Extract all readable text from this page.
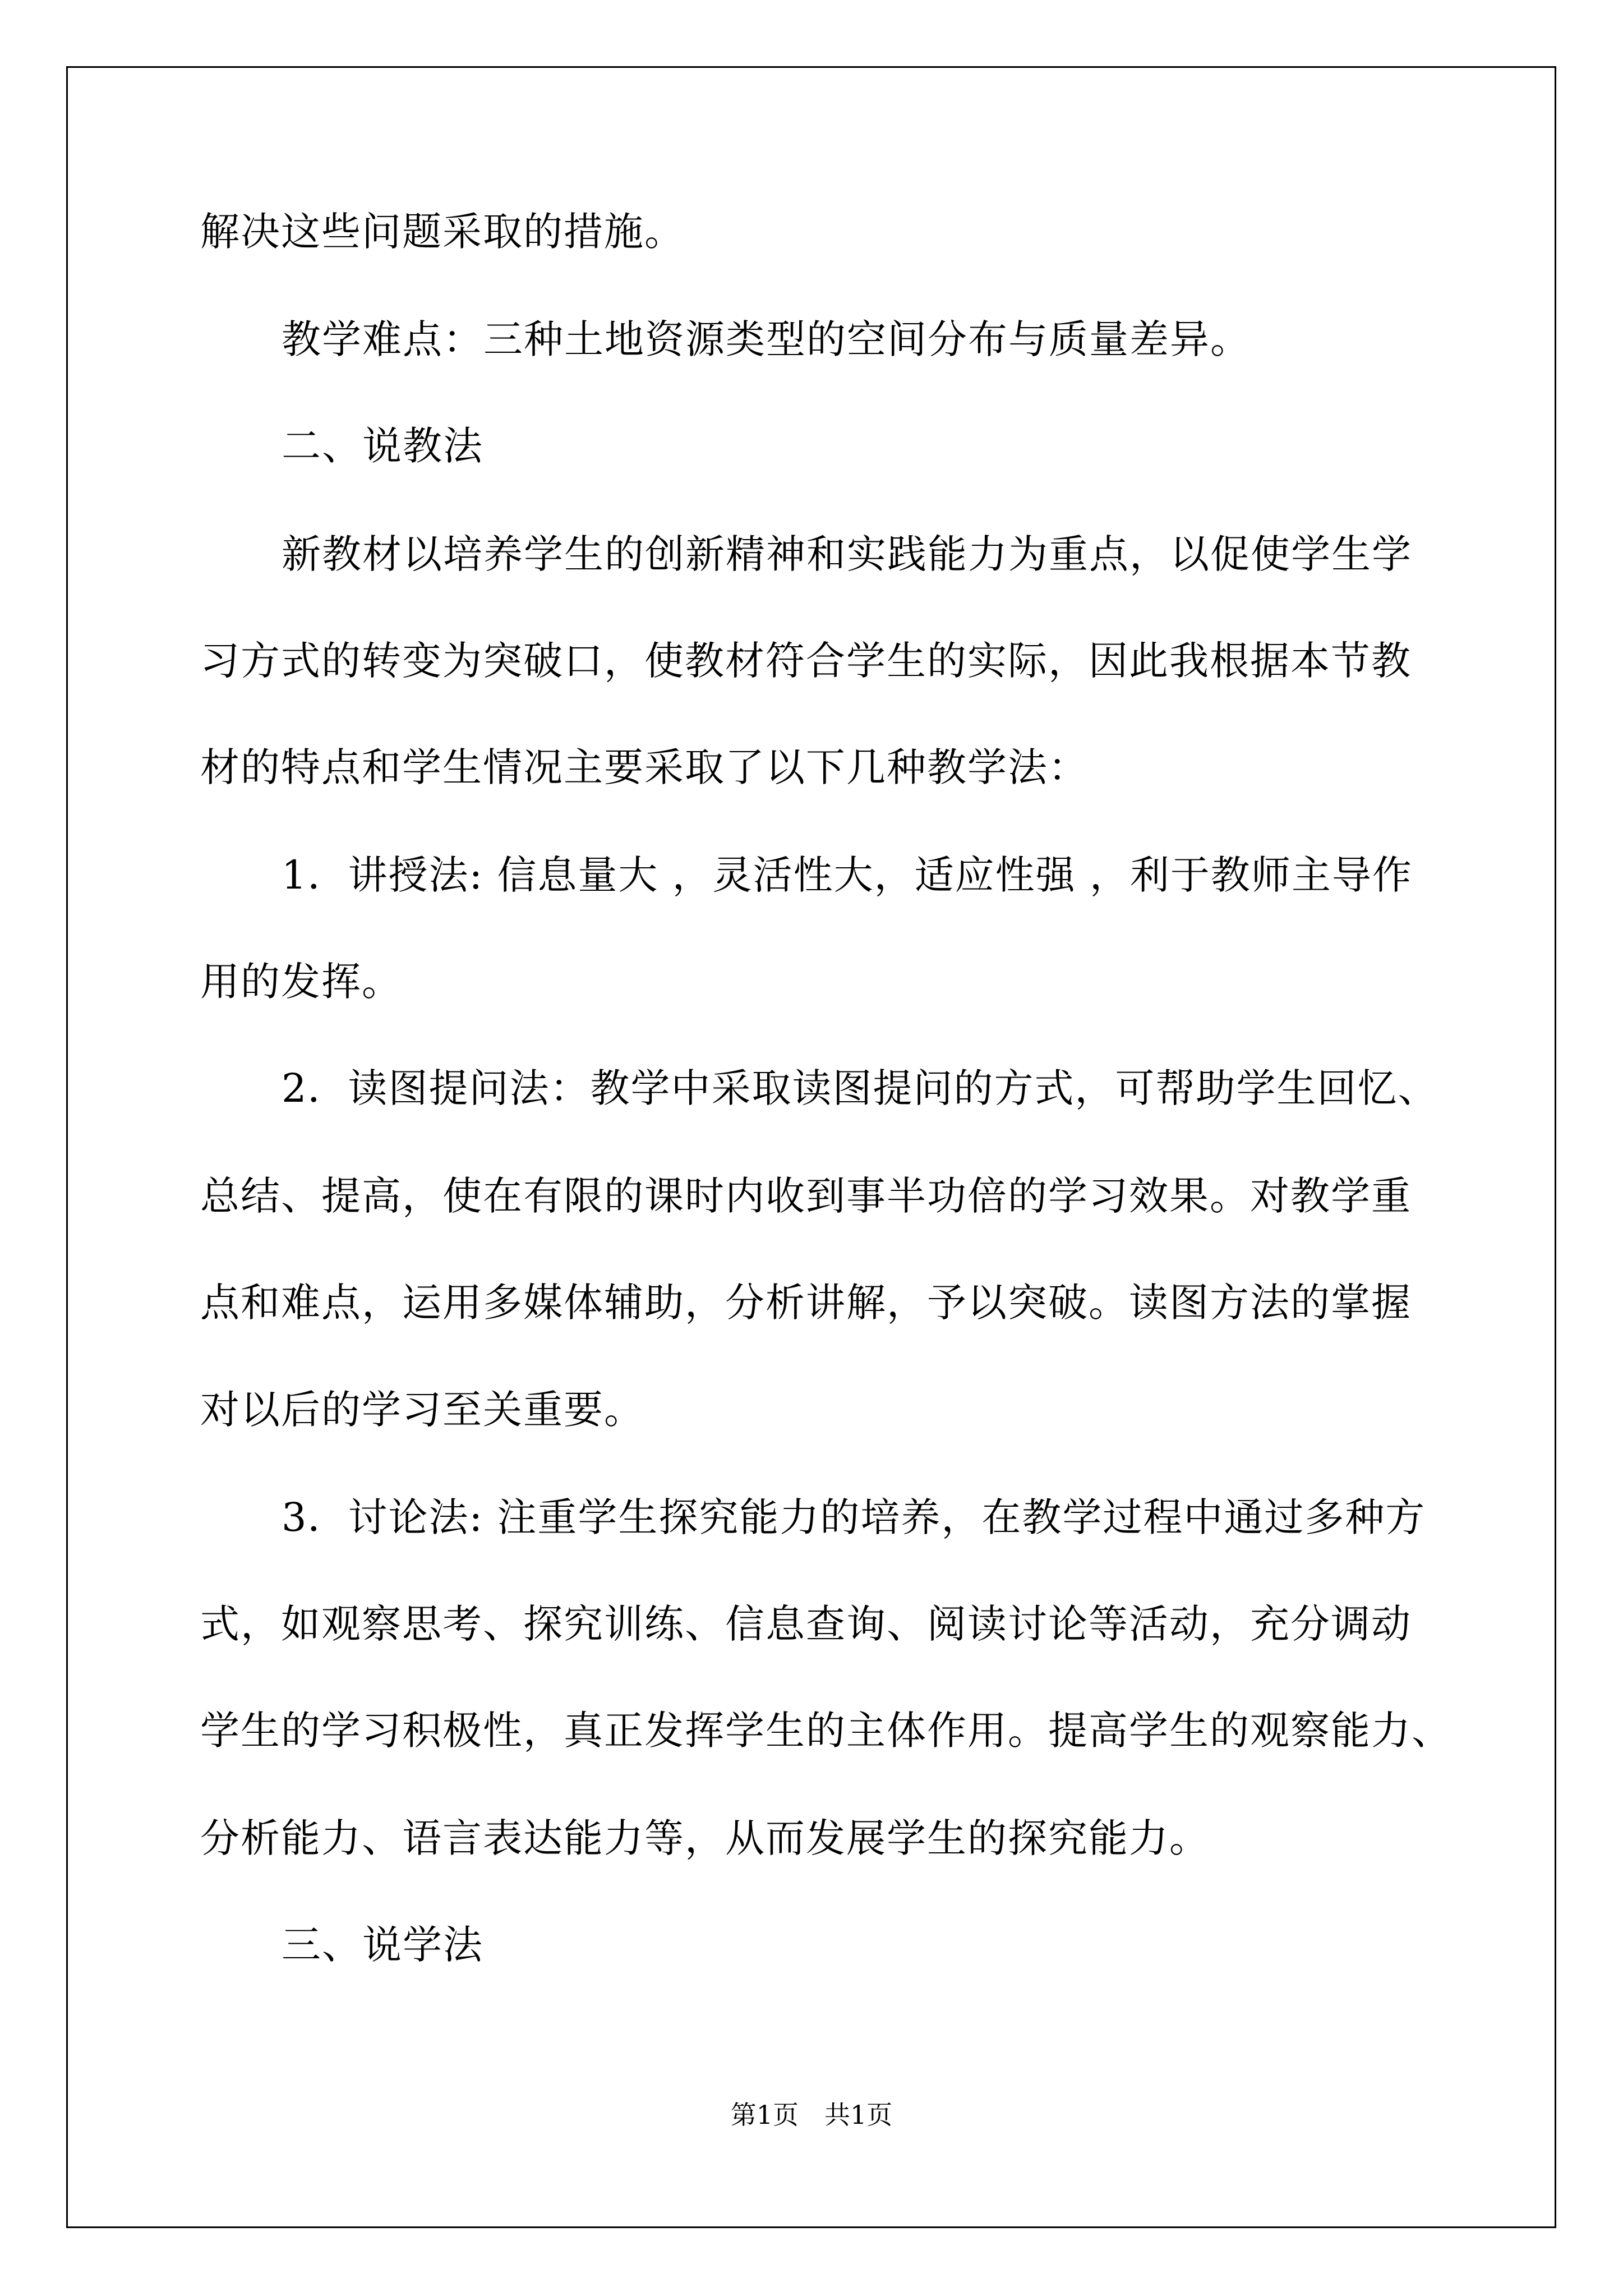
解决这些问题采取的措施。
教学难点：三种土地资源类型的空间分布与质量差异。
二、说教法
新教材以培养学生的创新精神和实践能力为重点，以促使学生学
习方式的转变为突破口，使教材符合学生的实际，因此我根据本节教
材的特点和学生情况主要采取了以下几种教学法：
1．讲授法: 信息量大 ，灵活性大，适应性强 ，利于教师主导作
用的发挥。
2．读图提问法：教学中采取读图提问的方式，可帮助学生回忆、
总结、提高，使在有限的课时内收到事半功倍的学习效果。对教学重
点和难点，运用多媒体辅助，分析讲解，予以突破。读图方法的掌握
对以后的学习至关重要。
3．讨论法: 注重学生探究能力的培养，在教学过程中通过多种方
式，如观察思考、探究训练、信息查询、阅读讨论等活动，充分调动
学生的学习积极性，真正发挥学生的主体作用。提高学生的观察能力、
分析能力、语言表达能力等，从而发展学生的探究能力。
三、说学法
第1页　共1页
